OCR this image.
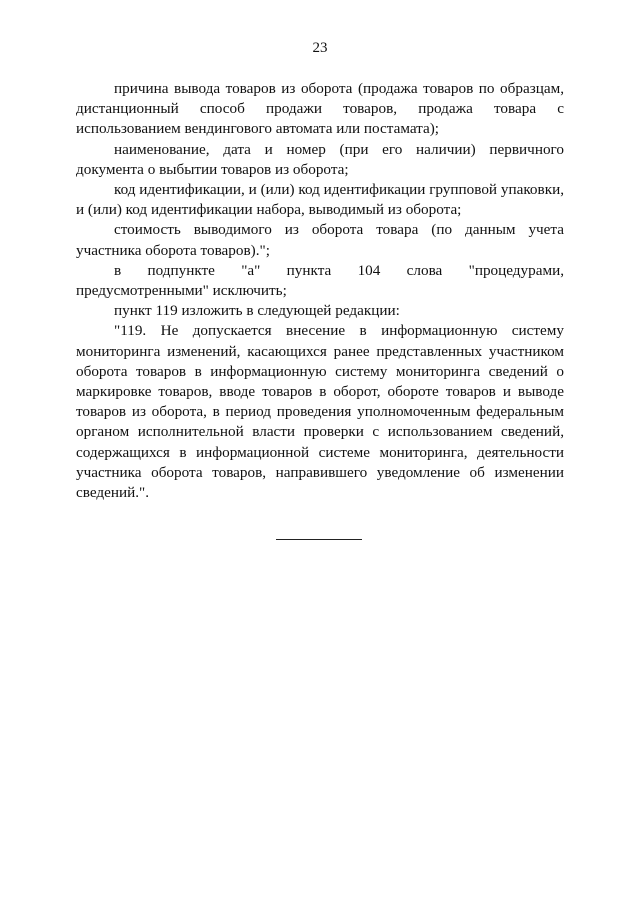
23

причина вывода товаров из оборота (продажа товаров по образцам, дистанционный способ продажи товаров, продажа товара с использованием вендингового автомата или постамата);

наименование, дата и номер (при его наличии) первичного документа о выбытии товаров из оборота;

код идентификации, и (или) код идентификации групповой упаковки, и (или) код идентификации набора, выводимый из оборота;

стоимость выводимого из оборота товара (по данным учета участника оборота товаров).";

в подпункте "а" пункта 104 слова "процедурами, предусмотренными" исключить;

пункт 119 изложить в следующей редакции:

"119. Не допускается внесение в информационную систему мониторинга изменений, касающихся ранее представленных участником оборота товаров в информационную систему мониторинга сведений о маркировке товаров, вводе товаров в оборот, обороте товаров и выводе товаров из оборота, в период проведения уполномоченным федеральным органом исполнительной власти проверки с использованием сведений, содержащихся в информационной системе мониторинга, деятельности участника оборота товаров, направившего уведомление об изменении сведений.".
